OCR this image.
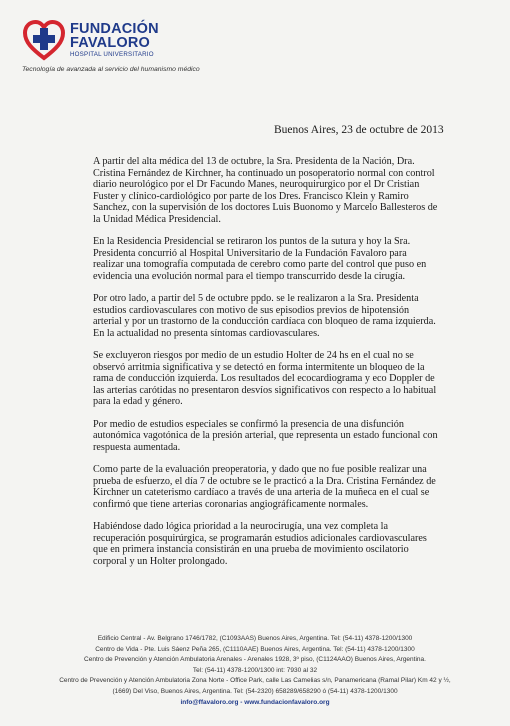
FUNDACIÓN
FAVALORO
HOSPITAL UNIVERSITARIO
Tecnología de avanzada al servicio del humanismo médico
Buenos Aires, 23 de octubre de 2013

A partir del alta médica del 13 de octubre, la Sra. Presidenta de la Nación, Dra. Cristina Fernández de Kirchner, ha continuado un posoperatorio normal con control diario neurológico por el Dr Facundo Manes, neuroquirurgico por el Dr Cristian Fuster y clínico-cardiológico por parte de los Dres. Francisco Klein y Ramiro Sanchez, con la supervisión de los doctores Luis Buonomo y Marcelo Ballesteros de la Unidad Médica Presidencial.

En la Residencia Presidencial se retiraron los puntos de la sutura y hoy la Sra. Presidenta concurrió al Hospital Universitario de la Fundación Favaloro para realizar una tomografía computada de cerebro como parte del control que puso en evidencia una evolución normal para el tiempo transcurrido desde la cirugía.

Por otro lado, a partir del 5 de octubre ppdo. se le realizaron a la Sra. Presidenta estudios cardiovasculares con motivo de sus episodios previos de hipotensión arterial y por un trastorno de la conducción cardíaca con bloqueo de rama izquierda. En la actualidad no presenta síntomas cardiovasculares.

Se excluyeron riesgos por medio de un estudio Holter de 24 hs en el cual no se observó arritmia significativa y se detectó en forma intermitente un bloqueo de la rama de conducción izquierda. Los resultados del ecocardiograma y eco Doppler de las arterias carótidas no presentaron desvíos significativos con respecto a lo habitual para la edad y género.

Por medio de estudios especiales se confirmó la presencia de una disfunción autonómica vagotónica de la presión arterial, que representa un estado funcional con respuesta aumentada.

Como parte de la evaluación preoperatoria, y dado que no fue posible realizar una prueba de esfuerzo, el día 7 de octubre se le practicó a la Dra. Cristina Fernández de Kirchner un cateterismo cardíaco a través de una arteria de la muñeca en el cual se confirmó que tiene arterias coronarias angiográficamente normales.

Habiéndose dado lógica prioridad a la neurocirugía, una vez completa la recuperación posquirúrgica, se programarán estudios adicionales cardiovasculares que en primera instancia consistirán en una prueba de movimiento oscilatorio corporal y un Holter prolongado.

Edificio Central - Av. Belgrano 1746/1782, (C1093AAS) Buenos Aires, Argentina. Tel: (54-11) 4378-1200/1300
Centro de Vida - Pte. Luis Sáenz Peña 265, (C1110AAE) Buenos Aires, Argentina. Tel: (54-11) 4378-1200/1300
Centro de Prevención y Atención Ambulatoria Arenales - Arenales 1928, 3º piso, (C1124AAO) Buenos Aires, Argentina.
Tel: (54-11) 4378-1200/1300 int: 7930 al 32
Centro de Prevención y Atención Ambulatoria Zona Norte - Office Park, calle Las Camelias s/n, Panamericana (Ramal Pilar) Km 42 y ½,
(1669) Del Viso, Buenos Aires, Argentina. Tel: (54-2320) 658289/658290 ó (54-11) 4378-1200/1300
info@ffavaloro.org - www.fundacionfavaloro.org
